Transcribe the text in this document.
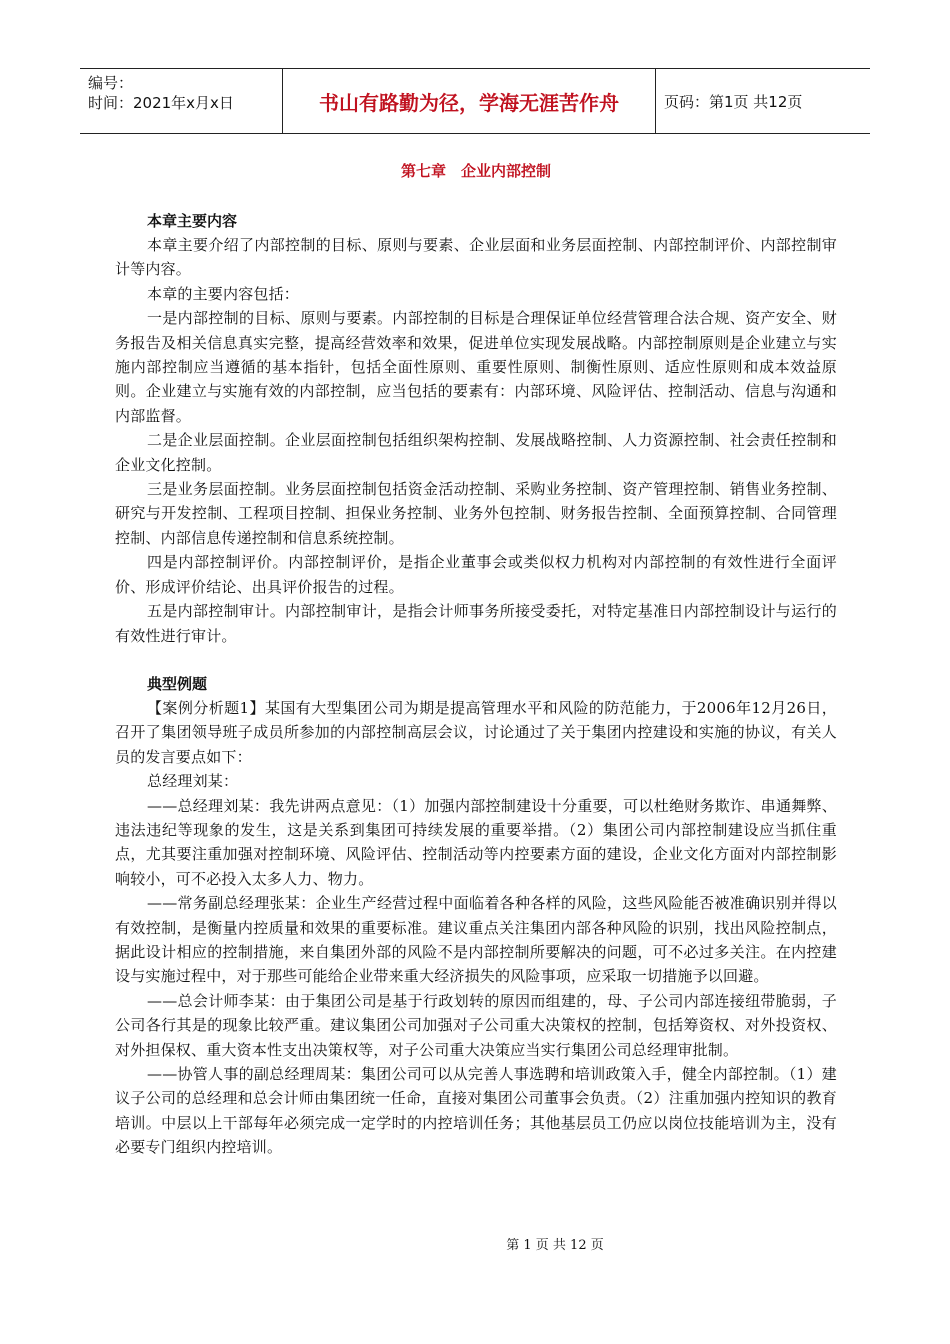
编号：
时间：2021年x月x日	书山有路勤为径，学海无涯苦作舟	页码：第1页 共12页
第七章　企业内部控制
本章主要内容

本章主要介绍了内部控制的目标、原则与要素、企业层面和业务层面控制、内部控制评价、内部控制审计等内容。

本章的主要内容包括：

一是内部控制的目标、原则与要素。内部控制的目标是合理保证单位经营管理合法合规、资产安全、财务报告及相关信息真实完整，提高经营效率和效果，促进单位实现发展战略。内部控制原则是企业建立与实施内部控制应当遵循的基本指针，包括全面性原则、重要性原则、制衡性原则、适应性原则和成本效益原则。企业建立与实施有效的内部控制，应当包括的要素有：内部环境、风险评估、控制活动、信息与沟通和内部监督。

二是企业层面控制。企业层面控制包括组织架构控制、发展战略控制、人力资源控制、社会责任控制和企业文化控制。

三是业务层面控制。业务层面控制包括资金活动控制、采购业务控制、资产管理控制、销售业务控制、研究与开发控制、工程项目控制、担保业务控制、业务外包控制、财务报告控制、全面预算控制、合同管理控制、内部信息传递控制和信息系统控制。

四是内部控制评价。内部控制评价，是指企业董事会或类似权力机构对内部控制的有效性进行全面评价、形成评价结论、出具评价报告的过程。

五是内部控制审计。内部控制审计，是指会计师事务所接受委托，对特定基准日内部控制设计与运行的有效性进行审计。

典型例题

【案例分析题1】某国有大型集团公司为期是提高管理水平和风险的防范能力，于2006年12月26日，召开了集团领导班子成员所参加的内部控制高层会议，讨论通过了关于集团内控建设和实施的协议，有关人员的发言要点如下：

总经理刘某：

——总经理刘某：我先讲两点意见：（1）加强内部控制建设十分重要，可以杜绝财务欺诈、串通舞弊、违法违纪等现象的发生，这是关系到集团可持续发展的重要举措。（2）集团公司内部控制建设应当抓住重点，尤其要注重加强对控制环境、风险评估、控制活动等内控要素方面的建设，企业文化方面对内部控制影响较小，可不必投入太多人力、物力。

——常务副总经理张某：企业生产经营过程中面临着各种各样的风险，这些风险能否被准确识别并得以有效控制，是衡量内控质量和效果的重要标准。建议重点关注集团内部各种风险的识别，找出风险控制点，据此设计相应的控制措施，来自集团外部的风险不是内部控制所要解决的问题，可不必过多关注。在内控建设与实施过程中，对于那些可能给企业带来重大经济损失的风险事项，应采取一切措施予以回避。

——总会计师李某：由于集团公司是基于行政划转的原因而组建的，母、子公司内部连接纽带脆弱，子公司各行其是的现象比较严重。建议集团公司加强对子公司重大决策权的控制，包括筹资权、对外投资权、对外担保权、重大资本性支出决策权等，对子公司重大决策应当实行集团公司总经理审批制。

——协管人事的副总经理周某：集团公司可以从完善人事选聘和培训政策入手，健全内部控制。（1）建议子公司的总经理和总会计师由集团统一任命，直接对集团公司董事会负责。（2）注重加强内控知识的教育培训。中层以上干部每年必须完成一定学时的内控培训任务；其他基层员工仍应以岗位技能培训为主，没有必要专门组织内控培训。

第 1 页 共 12 页
